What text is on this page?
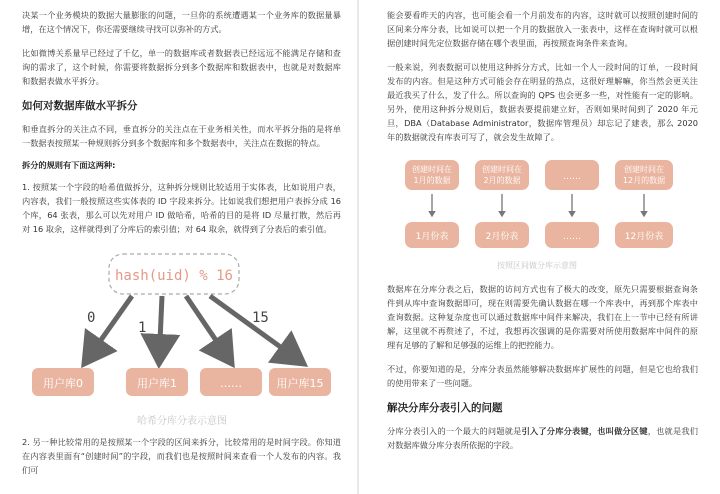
决某一个业务模块的数据大量膨胀的问题，一旦你的系统遭遇某一个业务库的数据量暴增，在这个情况下，你还需要继续寻找可以弥补的方式。

比如微博关系量早已经过了千亿，单一的数据库或者数据表已经远远不能满足存储和查询的需求了，这个时候，你需要将数据拆分到多个数据库和数据表中，也就是对数据库和数据表做水平拆分。

如何对数据库做水平拆分

和垂直拆分的关注点不同，垂直拆分的关注点在于业务相关性，而水平拆分指的是将单一数据表按照某一种规则拆分到多个数据库和多个数据表中，关注点在数据的特点。

拆分的规则有下面这两种:

1. 按照某一个字段的哈希值做拆分，这种拆分规则比较适用于实体表，比如说用户表，内容表，我们一般按照这些实体表的 ID 字段来拆分。比如说我们想把用户表拆分成 16 个库，64 张表，那么可以先对用户 ID 做哈希，哈希的目的是将 ID 尽量打散，然后再对 16 取余，这样就得到了分库后的索引值；对 64 取余，就得到了分表后的索引值。

hash(uid) % 16
0
1
15
用户库0	用户库1	……	用户库15
哈希分库分表示意图

2. 另一种比较常用的是按照某一个字段的区间来拆分，比较常用的是时间字段。你知道在内容表里面有“创建时间”的字段，而我们也是按照时间来查看一个人发布的内容。我们可

能会要看昨天的内容，也可能会看一个月前发布的内容，这时就可以按照创建时间的区间来分库分表，比如说可以把一个月的数据放入一张表中，这样在查询时就可以根据创建时间先定位数据存储在哪个表里面，再按照查询条件来查询。

一般来说，列表数据可以使用这种拆分方式，比如一个人一段时间的订单，一段时间发布的内容。但是这种方式可能会存在明显的热点，这很好理解嘛，你当然会更关注最近我买了什么，发了什么。所以查询的 QPS 也会更多一些，对性能有一定的影响。另外，使用这种拆分规则后，数据表要提前建立好，否则如果时间到了 2020 年元旦，DBA（Database Administrator，数据库管理员）却忘记了建表，那么 2020 年的数据就没有库表可写了，就会发生故障了。

创建时间在 1月的数据
创建时间在 2月的数据	……
创建时间在 12月的数据
1月份表	2月份表	……	12月份表
按照区间做分库示意图

数据库在分库分表之后，数据的访问方式也有了极大的改变，原先只需要根据查询条件到从库中查询数据即可，现在则需要先确认数据在哪一个库表中，再到那个库表中查询数据。这种复杂度也可以通过数据库中间件来解决，我们在上一节中已经有所讲解，这里就不再赘述了，不过，我想再次强调的是你需要对所使用数据库中间件的原理有足够的了解和足够强的运维上的把控能力。

不过，你要知道的是，分库分表虽然能够解决数据库扩展性的问题，但是它也给我们的使用带来了一些问题。

解决分库分表引入的问题

分库分表引入的一个最大的问题就是引入了分库分表键，也叫做分区键，也就是我们对数据库做分库分表所依据的字段。
